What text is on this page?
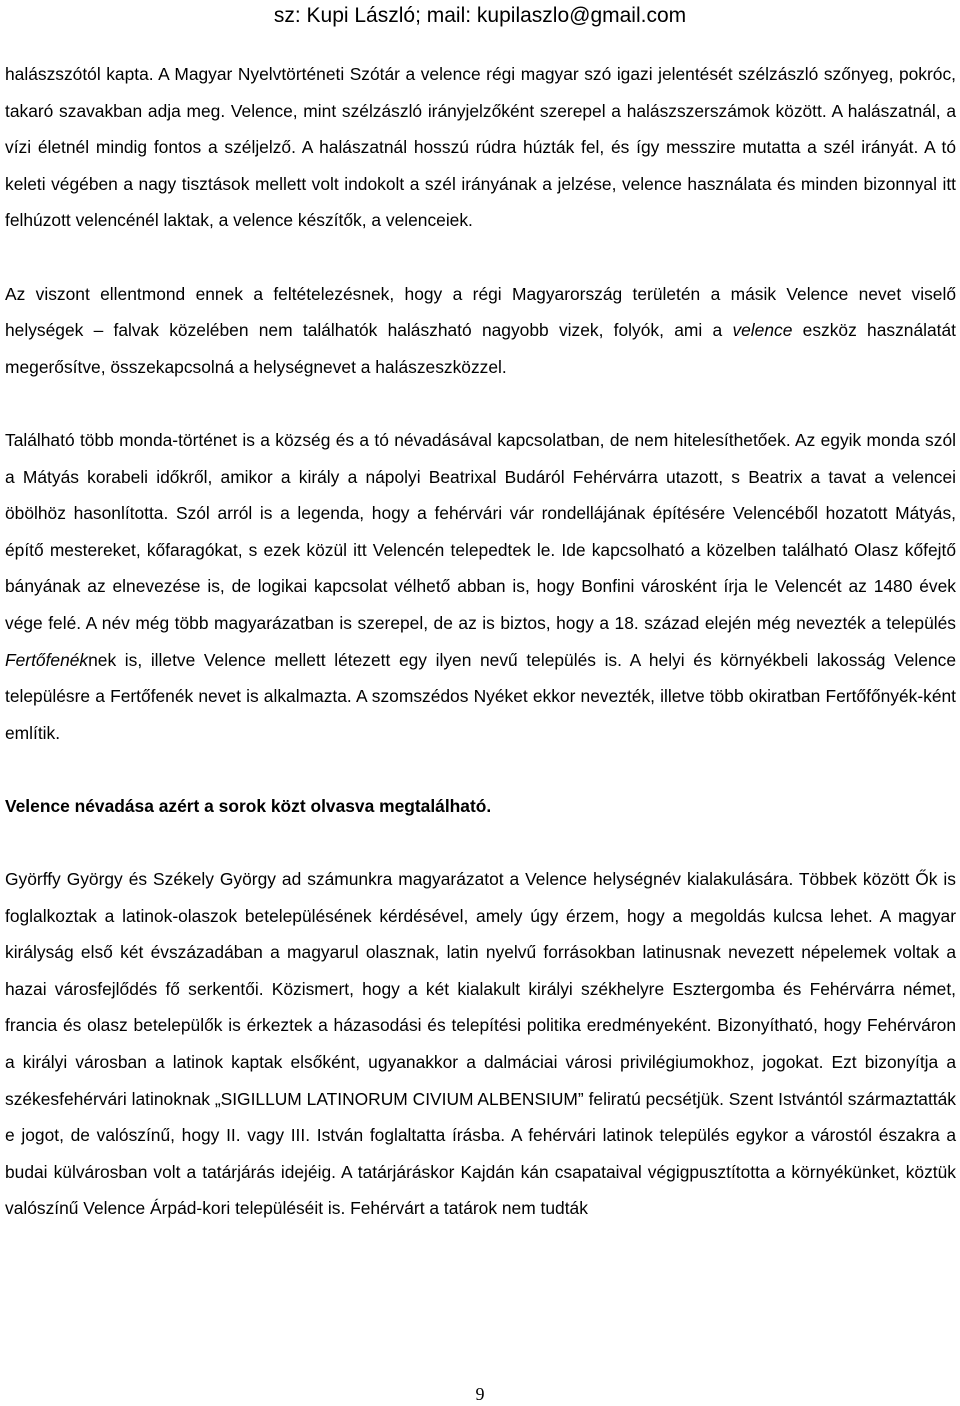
sz: Kupi László; mail: kupilaszlo@gmail.com

halászszótól kapta. A Magyar Nyelvtörténeti Szótár a velence régi magyar szó igazi jelentését szélzászló szőnyeg, pokróc, takaró szavakban adja meg. Velence, mint szélzászló irányjelzőként szerepel a halászszerszámok között. A halászatnál, a vízi életnél mindig fontos a széljelző. A halászatnál hosszú rúdra húzták fel, és így messzire mutatta a szél irányát. A tó keleti végében a nagy tisztások mellett volt indokolt a szél irányának a jelzése, velence használata és minden bizonnyal itt felhúzott velencénél laktak, a velence készítők, a velenceiek.

Az viszont ellentmond ennek a feltételezésnek, hogy a régi Magyarország területén a másik Velence nevet viselő helységek – falvak közelében nem találhatók halászható nagyobb vizek, folyók, ami a velence eszköz használatát megerősítve, összekapcsolná a helységnevet a halászeszközzel.

Található több monda-történet is a község és a tó névadásával kapcsolatban, de nem hitelesíthetőek. Az egyik monda szól a Mátyás korabeli időkről, amikor a király a nápolyi Beatrixal Budáról Fehérvárra utazott, s Beatrix a tavat a velencei öbölhöz hasonlította. Szól arról is a legenda, hogy a fehérvári vár rondellájának építésére Velencéből hozatott Mátyás, építő mestereket, kőfaragókat, s ezek közül itt Velencén telepedtek le. Ide kapcsolható a közelben található Olasz kőfejtő bányának az elnevezése is, de logikai kapcsolat vélhető abban is, hogy Bonfini városként írja le Velencét az 1480 évek vége felé. A név még több magyarázatban is szerepel, de az is biztos, hogy a 18. század elején még nevezték a település Fertőfenéknek is, illetve Velence mellett létezett egy ilyen nevű település is. A helyi és környékbeli lakosság Velence településre a Fertőfenék nevet is alkalmazta. A szomszédos Nyéket ekkor nevezték, illetve több okiratban Fertőfőnyék-ként említik.

Velence névadása azért a sorok közt olvasva megtalálható.

Györffy György és Székely György ad számunkra magyarázatot a Velence helységnév kialakulására. Többek között Ők is foglalkoztak a latinok-olaszok betelepülésének kérdésével, amely úgy érzem, hogy a megoldás kulcsa lehet. A magyar királyság első két évszázadában a magyarul olasznak, latin nyelvű forrásokban latinusnak nevezett népelemek voltak a hazai városfejlődés fő serkentői. Közismert, hogy a két kialakult királyi székhelyre Esztergomba és Fehérvárra német, francia és olasz betelepülők is érkeztek a házasodási és telepítési politika eredményeként. Bizonyítható, hogy Fehérváron a királyi városban a latinok kaptak elsőként, ugyanakkor a dalmáciai városi privilégiumokhoz, jogokat. Ezt bizonyítja a székesfehérvári latinoknak „SIGILLUM LATINORUM CIVIUM ALBENSIUM” feliratú pecsétjük. Szent Istvántól származtatták e jogot, de valószínű, hogy II. vagy III. István foglaltatta írásba. A fehérvári latinok település egykor a várostól északra a budai külvárosban volt a tatárjárás idejéig. A tatárjáráskor Kajdán kán csapataival végigpusztította a környékünket, köztük valószínű Velence Árpád-kori településéit is. Fehérvárt a tatárok nem tudták

9
